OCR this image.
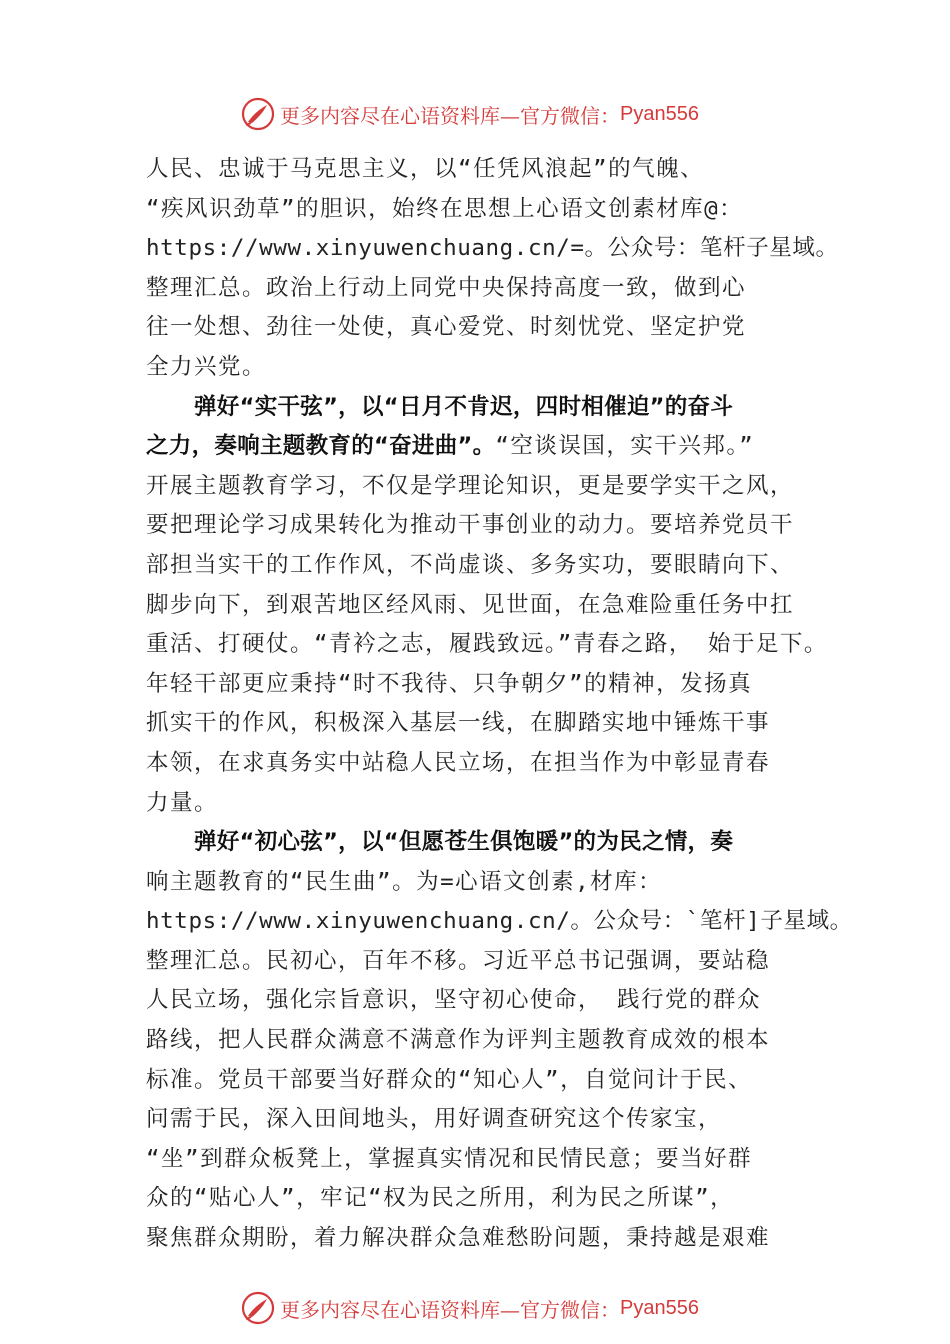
更多内容尽在心语资料库—官方微信： Pyan556
人民、忠诚于马克思主义，以“任凭风浪起”的气魄、
“疾风识劲草”的胆识，始终在思想上心语文创素材库@：
https://www.xinyuwenchuang.cn/=。公众号：笔杆子星域。
整理汇总。政治上行动上同党中央保持高度一致，做到心
往一处想、劲往一处使，真心爱党、时刻忧党、坚定护党
全力兴党。
弹好“实干弦”，以“日月不肯迟，四时相催迫”的奋斗
之力，奏响主题教育的“奋进曲”。“空谈误国，实干兴邦。”
开展主题教育学习，不仅是学理论知识，更是要学实干之风，
要把理论学习成果转化为推动干事创业的动力。要培养党员干
部担当实干的工作作风，不尚虚谈、多务实功，要眼睛向下、
脚步向下，到艰苦地区经风雨、见世面，在急难险重任务中扛
重活、打硬仗。“青衿之志，履践致远。”青春之路， 始于足下。
年轻干部更应秉持“时不我待、只争朝夕”的精神，发扬真
抓实干的作风，积极深入基层一线，在脚踏实地中锤炼干事
本领，在求真务实中站稳人民立场，在担当作为中彰显青春
力量。
弹好“初心弦”，以“但愿苍生俱饱暖”的为民之情，奏
响主题教育的“民生曲”。为=心语文创素,材库：
https://www.xinyuwenchuang.cn/。公众号：`笔杆]子星域。
整理汇总。民初心，百年不移。习近平总书记强调，要站稳
人民立场，强化宗旨意识，坚守初心使命， 践行党的群众
路线，把人民群众满意不满意作为评判主题教育成效的根本
标准。党员干部要当好群众的“知心人”，自觉问计于民、
问需于民，深入田间地头，用好调查研究这个传家宝，
“坐”到群众板凳上，掌握真实情况和民情民意；要当好群
众的“贴心人”，牢记“权为民之所用，利为民之所谋”，
聚焦群众期盼，着力解决群众急难愁盼问题，秉持越是艰难
更多内容尽在心语资料库—官方微信： Pyan556
